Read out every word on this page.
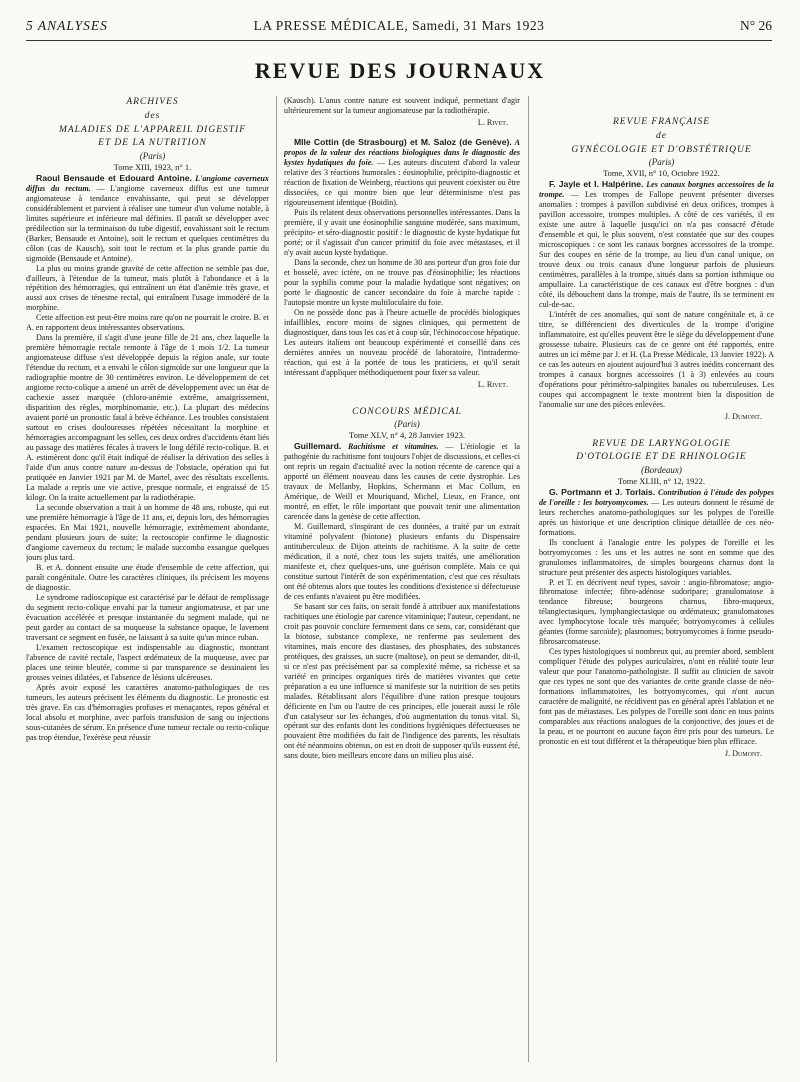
5 ANALYSES	LA PRESSE MÉDICALE, Samedi, 31 Mars 1923	N° 26
REVUE DES JOURNAUX

ARCHIVES

des

MALADIES DE L'APPAREIL DIGESTIF

ET DE LA NUTRITION

(Paris)

Tome XIII, 1923, n° 1.

Raoul Bensaude et Edouard Antoine. L'angiome caverneux diffus du rectum. — L'angiome caverneux diffus est une tumeur angiomateuse à tendance envahissante, qui peut se développer considérablement et parvient à réaliser une tumeur d'un volume notable, à limites supérieure et inférieure mal définies. Il paraît se développer avec prédilection sur la terminaison du tube digestif, envahissant soit le rectum (Barker, Bensaude et Antoine), soit le rectum et quelques centimètres du côlon (cas de Kausch), soit tout le rectum et la plus grande partie du sigmoïde (Bensaude et Antoine).

La plus ou moins grande gravité de cette affection ne semble pas due, d'ailleurs, à l'étendue de la tumeur, mais plutôt à l'abondance et à la répétition des hémorragies, qui entraînent un état d'anémie très grave, et aussi aux crises de ténesme rectal, qui entraînent l'usage immodéré de la morphine.

Cette affection est peut-être moins rare qu'on ne pourrait le croire. B. et A. en rapportent deux intéressantes observations.

Dans la première, il s'agit d'une jeune fille de 21 ans, chez laquelle la première hémorragie rectale remonte à l'âge de 1 mois 1/2. La tumeur angiomateuse diffuse s'est développée depuis la région anale, sur toute l'étendue du rectum, et a envahi le côlon sigmoïde sur une longueur que la radiographie montre de 30 centimètres environ. Le développement de cet angiome recto-colique a amené un arrêt de développement avec un état de cachexie assez marquée (chloro-anémie extrême, amaigrissement, disparition des règles, morphinomanie, etc.). La plupart des médecins avaient porté un pronostic fatal à brève échéance. Les troubles consistaient surtout en crises douloureuses répétées nécessitant la morphine et hémorragies accompagnant les selles, ces deux ordres d'accidents étant liés au passage des matières fécales à travers le long défilé recto-colique. B. et A. estimèrent donc qu'il était indiqué de réaliser la dérivation des selles à l'aide d'un anus contre nature au-dessus de l'obstacle, opération qui fut pratiquée en Janvier 1921 par M. de Martel, avec des résultats excellents. La malade a repris une vie active, presque normale, et engraissé de 15 kilogr. On la traite actuellement par la radiothérapie.

La seconde observation a trait à un homme de 48 ans, robuste, qui eut une première hémorragie à l'âge de 11 ans, et, depuis lors, des hémorragies espacées. En Mai 1921, nouvelle hémorragie, extrêmement abondante, pendant plusieurs jours de suite; la rectoscopie confirme le diagnostic d'angiome caverneux du rectum; le malade succomba exsangue quelques jours plus tard.

B. et A. donnent ensuite une étude d'ensemble de cette affection, qui paraît congénitale. Outre les caractères cliniques, ils précisent les moyens de diagnostic.

Le syndrome radioscopique est caractérisé par le défaut de remplissage du segment recto-colique envahi par la tumeur angiomateuse, et par une évacuation accélérée et presque instantanée du segment malade, qui ne peut garder au contact de sa muqueuse la substance opaque, le lavement traversant ce segment en fusée, ne laissant à sa suite qu'un mince ruban.

L'examen rectoscopique est indispensable au diagnostic, montrant l'absence de cavité rectale, l'aspect œdémateux de la muqueuse, avec par places une teinte bleutée, comme si par transparence se dessinaient les grosses veines dilatées, et l'absence de lésions ulcéreuses.

Après avoir exposé les caractères anatomo-pathologiques de ces tumeurs, les auteurs précisent les éléments du diagnostic. Le pronostic est très grave. En cas d'hémorragies profuses et menaçantes, repos général et local absolu et morphine, avec parfois transfusion de sang ou injections sous-cutanées de sérum. En présence d'une tumeur rectale ou recto-colique pas trop étendue, l'exérèse peut réussir

(Kausch). L'anus contre nature est souvent indiqué, permettant d'agir ultérieurement sur la tumeur angiomateuse par la radiothérapie.

L. Rivet.

Mlle Cottin (de Strasbourg) et M. Saloz (de Genève). A propos de la valeur des réactions biologiques dans le diagnostic des kystes hydatiques du foie. — Les auteurs discutent d'abord la valeur relative des 3 réactions humorales : éosinophilie, précipito-diagnostic et réaction de fixation de Weinberg, réactions qui peuvent coexister ou être dissociées, ce qui montre bien que leur déterminisme n'est pas rigoureusement identique (Boidin).

Puis ils relatent deux observations personnelles intéressantes. Dans la première, il y avait une éosinophilie sanguine modérée, sans maximum, précipito- et séro-diagnostic positif : le diagnostic de kyste hydatique fut porté; or il s'agissait d'un cancer primitif du foie avec métastases, et il n'y avait aucun kyste hydatique.

Dans la seconde, chez un homme de 30 ans porteur d'un gros foie dur et bosselé, avec ictère, on ne trouve pas d'éosinophilie; les réactions pour la syphilis comme pour la maladie hydatique sont négatives; on porte le diagnostic de cancer secondaire du foie à marche rapide : l'autopsie montre un kyste multiloculaire du foie.

On ne possède donc pas à l'heure actuelle de procédés biologiques infaillibles, encore moins de signes cliniques, qui permettent de diagnostiquer, dans tous les cas et à coup sûr, l'échinococcose hépatique. Les auteurs italiens ont beaucoup expérimenté et conseillé dans ces dernières années un nouveau procédé de laboratoire, l'intradermo-réaction, qui est à la portée de tous les praticiens, et qu'il serait intéressant d'appliquer méthodiquement pour fixer sa valeur.

L. Rivet.

CONCOURS MÉDICAL

(Paris)

Tome XLV, n° 4, 28 Janvier 1923.

Guillemard. Rachitisme et vitamines. — L'étiologie et la pathogénie du rachitisme font toujours l'objet de discussions, et celles-ci ont repris un regain d'actualité avec la notion récente de carence qui a apporté un élément nouveau dans les causes de cette dystrophie. Les travaux de Mellanby, Hopkins, Schermann et Mac Collum, en Amérique, de Weill et Mouriquand, Michel, Lieux, en France, ont montré, en effet, le rôle important que pouvait tenir une alimentation carencée dans la genèse de cette affection.

M. Guillemard, s'inspirant de ces données, a traité par un extrait vitaminé polyvalent (biotone) plusieurs enfants du Dispensaire antituberculeux de Dijon atteints de rachitisme. A la suite de cette médication, il a noté, chez tous les sujets traités, une amélioration manifeste et, chez quelques-uns, une guérison complète. Mais ce qui constitue surtout l'intérêt de son expérimentation, c'est que ces résultats ont été obtenus alors que toutes les conditions d'existence si défectueuse de ces enfants n'avaient pu être modifiées.

Se basant sur ces faits, on serait fondé à attribuer aux manifestations rachitiques une étiologie par carence vitaminique; l'auteur, cependant, ne croit pas pouvoir conclure fermement dans ce sens, car, considérant que la biotose, substance complexe, ne renferme pas seulement des vitamines, mais encore des diastases, des phosphates, des substances protéiques, des graisses, un sucre (maltose), on peut se demander, dit-il, si ce n'est pas précisément par sa complexité même, sa richesse et sa variété en principes organiques tirés de matières vivantes que cette préparation a eu une influence si manifeste sur la nutrition de ses petits malades. Rétablissant alors l'équilibre d'une ration presque toujours déficiente en l'un ou l'autre de ces principes, elle jouerait aussi le rôle d'un catalyseur sur les échanges, d'où augmentation du tonus vital. Si, opérant sur des enfants dont les conditions hygiéniques défectueuses ne pouvaient être modifiées du fait de l'indigence des parents, les résultats ont été néanmoins obtenus, on est en droit de supposer qu'ils eussent été, sans doute, bien meilleurs encore dans un milieu plus aisé.

REVUE FRANÇAISE

de

GYNÉCOLOGIE ET D'OBSTÉTRIQUE

(Paris)

Tome, XVII, n° 10, Octobre 1922.

F. Jayle et I. Halpérine. Les canaux borgnes accessoires de la trompe. — Les trompes de Fallope peuvent présenter diverses anomalies : trompes à pavillon subdivisé en deux orifices, trompes à pavillon accessoire, trompes multiples. A côté de ces variétés, il en existe une autre à laquelle jusqu'ici on n'a pas consacré d'étude d'ensemble et qui, le plus souvent, n'est constatée que sur des coupes microscopiques : ce sont les canaux borgnes accessoires de la trompe. Sur des coupes en série de la trompe, au lieu d'un canal unique, on trouve deux ou trois canaux d'une longueur parfois de plusieurs centimètres, parallèles à la trompe, situés dans sa portion isthmique ou ampullaire. La caractéristique de ces canaux est d'être borgnes : d'un côté, ils débouchent dans la trompe, mais de l'autre, ils se terminent en cul-de-sac.

L'intérêt de ces anomalies, qui sont de nature congénitale et, à ce titre, se différencient des diverticules de la trompe d'origine inflammatoire, est qu'elles peuvent être le siège du développement d'une grossesse tubaire. Plusieurs cas de ce genre ont été rapportés, entre autres un ici même par J. et H. (La Presse Médicale, 13 Janvier 1922). A ce cas les auteurs en ajoutent aujourd'hui 3 autres inédits concernant des trompes à canaux borgnes accessoires (1 à 3) enlevées au cours d'opérations pour périmétro-salpingites banales ou tuberculeuses. Les coupes qui accompagnent le texte montrent bien la disposition de l'anomalie sur une des pièces enlevées.

J. Dumont.

REVUE DE LARYNGOLOGIE

D'OTOLOGIE ET DE RHINOLOGIE

(Bordeaux)

Tome XLIII, n° 12, 1922.

G. Portmann et J. Torlais. Contribution à l'étude des polypes de l'oreille : les botryomycomes. — Les auteurs donnent le résumé de leurs recherches anatomo-pathologiques sur les polypes de l'oreille après un historique et une description clinique détaillée de ces néo-formations.

Ils concluent à l'analogie entre les polypes de l'oreille et les botryomycomes : les uns et les autres ne sont en somme que des granulomes inflammatoires, de simples bourgeons charnus dont la structure peut présenter des aspects histologiques variables.

P. et T. en décrivent neuf types, savoir : angio-fibromatose; angio-fibromatose infectée; fibro-adénose sudoripare; granulomatose à tendance fibreuse; bourgeons charnus, fibro-muqueux, télangiectasiques, lymphangiectasique ou œdémateux; granulomatoses avec lymphocytose locale très marquée; botryomycomes à cellules géantes (forme sarcoïde); plasmomes; botryomycomes à forme pseudo-fibrosarcomateuse.

Ces types histologiques si nombreux qui, au premier abord, semblent compliquer l'étude des polypes auriculaires, n'ont en réalité toute leur valeur que pour l'anatomo-pathologiste. Il suffit au clinicien de savoir que ces types ne sont que des variantes de cette grande classe de néo-formations inflammatoires, les botryomycomes, qui n'ont aucun caractère de malignité, ne récidivent pas en général après l'ablation et ne font pas de métastases. Les polypes de l'oreille sont donc en tous points comparables aux réactions analogues de la conjonctive, des joues et de la peau, et ne pourront en aucune façon être pris pour des tumeurs. Le pronostic en est tout différent et la thérapeutique bien plus efficace.

J. Dumont.
